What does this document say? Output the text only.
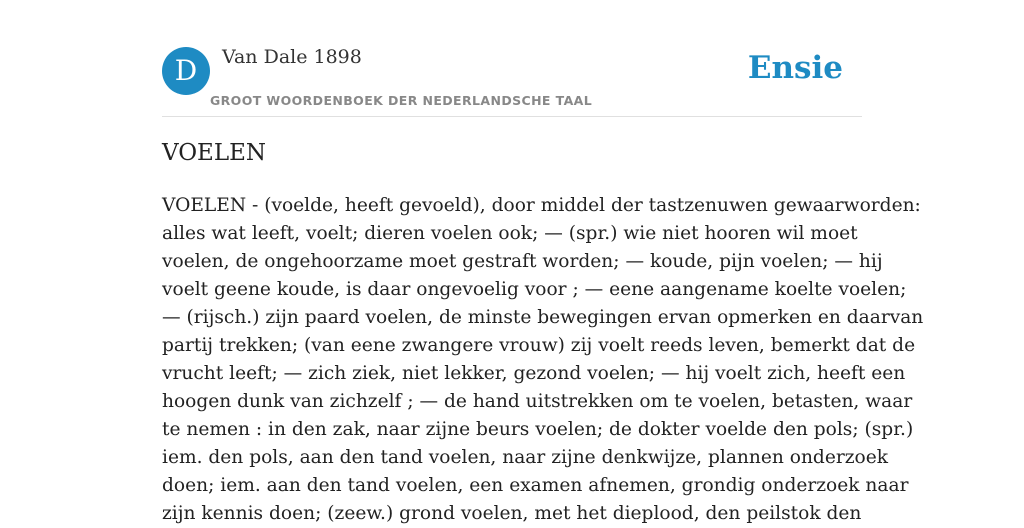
D	Van Dale 1898
GROOT WOORDENBOEK DER NEDERLANDSCHE TAAL
Ensie
VOELEN

VOELEN - (voelde, heeft gevoeld), door middel der tastzenuwen gewaarworden:
alles wat leeft, voelt; dieren voelen ook; — (spr.) wie niet hooren wil moet
voelen, de ongehoorzame moet gestraft worden; — koude, pijn voelen; — hij
voelt geene koude, is daar ongevoelig voor ; — eene aangename koelte voelen;
— (rijsch.) zijn paard voelen, de minste bewegingen ervan opmerken en daarvan
partij trekken; (van eene zwangere vrouw) zij voelt reeds leven, bemerkt dat de
vrucht leeft; — zich ziek, niet lekker, gezond voelen; — hij voelt zich, heeft een
hoogen dunk van zichzelf ; — de hand uitstrekken om te voelen, betasten, waar
te nemen : in den zak, naar zijne beurs voelen; de dokter voelde den pols; (spr.)
iem. den pols, aan den tand voelen, naar zijne denkwijze, plannen onderzoek
doen; iem. aan den tand voelen, een examen afnemen, grondig onderzoek naar
zijn kennis doen; (zeew.) grond voelen, met het dieplood, den peilstok den
